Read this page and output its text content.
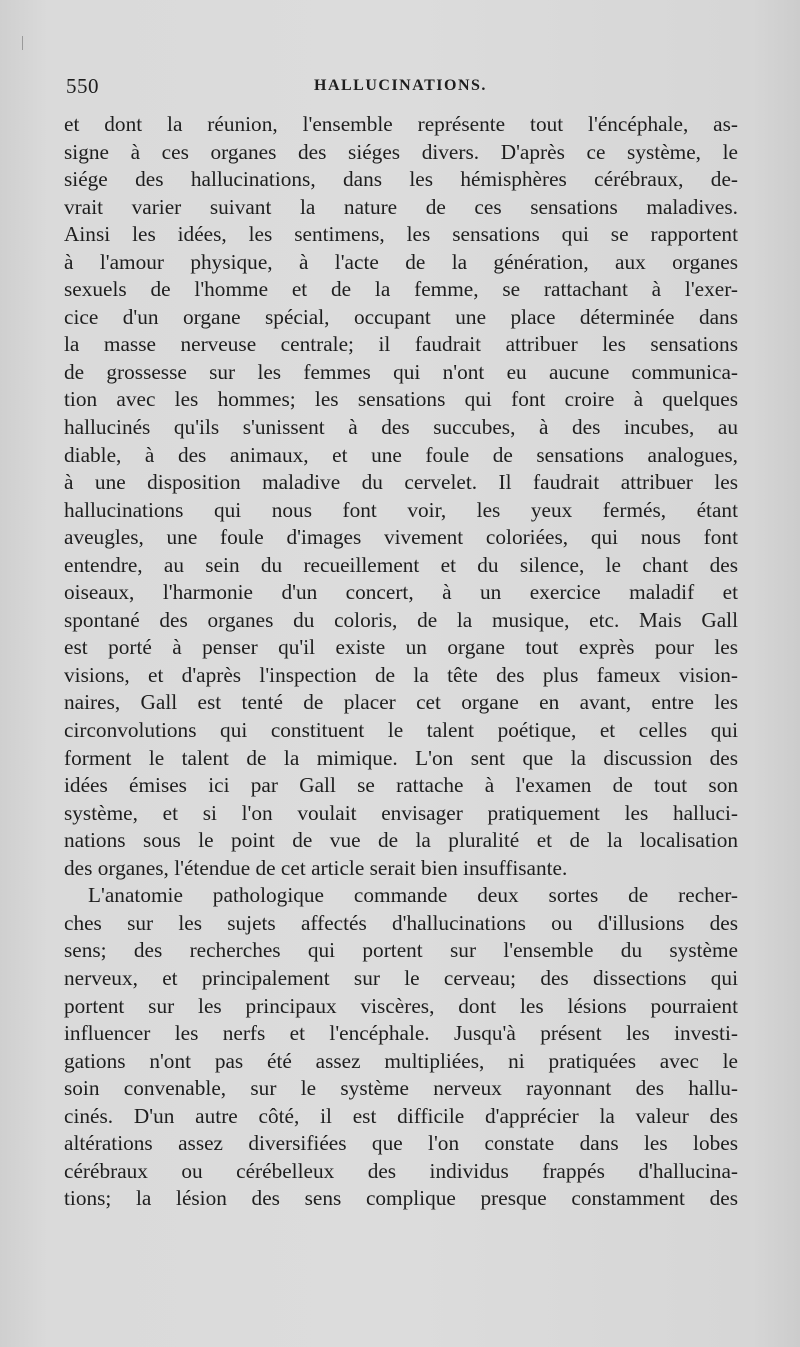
550	HALLUCINATIONS.
et dont la réunion, l'ensemble représente tout l'éncéphale, as-
signe à ces organes des siéges divers. D'après ce système, le
siége des hallucinations, dans les hémisphères cérébraux, de-
vrait varier suivant la nature de ces sensations maladives.
Ainsi les idées, les sentimens, les sensations qui se rapportent
à l'amour physique, à l'acte de la génération, aux organes
sexuels de l'homme et de la femme, se rattachant à l'exer-
cice d'un organe spécial, occupant une place déterminée dans
la masse nerveuse centrale; il faudrait attribuer les sensations
de grossesse sur les femmes qui n'ont eu aucune communica-
tion avec les hommes; les sensations qui font croire à quelques
hallucinés qu'ils s'unissent à des succubes, à des incubes, au
diable, à des animaux, et une foule de sensations analogues,
à une disposition maladive du cervelet. Il faudrait attribuer les
hallucinations qui nous font voir, les yeux fermés, étant
aveugles, une foule d'images vivement coloriées, qui nous font
entendre, au sein du recueillement et du silence, le chant des
oiseaux, l'harmonie d'un concert, à un exercice maladif et
spontané des organes du coloris, de la musique, etc. Mais Gall
est porté à penser qu'il existe un organe tout exprès pour les
visions, et d'après l'inspection de la tête des plus fameux vision-
naires, Gall est tenté de placer cet organe en avant, entre les
circonvolutions qui constituent le talent poétique, et celles qui
forment le talent de la mimique. L'on sent que la discussion des
idées émises ici par Gall se rattache à l'examen de tout son
système, et si l'on voulait envisager pratiquement les halluci-
nations sous le point de vue de la pluralité et de la localisation
des organes, l'étendue de cet article serait bien insuffisante.
L'anatomie pathologique commande deux sortes de recher-
ches sur les sujets affectés d'hallucinations ou d'illusions des
sens; des recherches qui portent sur l'ensemble du système
nerveux, et principalement sur le cerveau; des dissections qui
portent sur les principaux viscères, dont les lésions pourraient
influencer les nerfs et l'encéphale. Jusqu'à présent les investi-
gations n'ont pas été assez multipliées, ni pratiquées avec le
soin convenable, sur le système nerveux rayonnant des hallu-
cinés. D'un autre côté, il est difficile d'apprécier la valeur des
altérations assez diversifiées que l'on constate dans les lobes
cérébraux ou cérébelleux des individus frappés d'hallucina-
tions; la lésion des sens complique presque constamment des
